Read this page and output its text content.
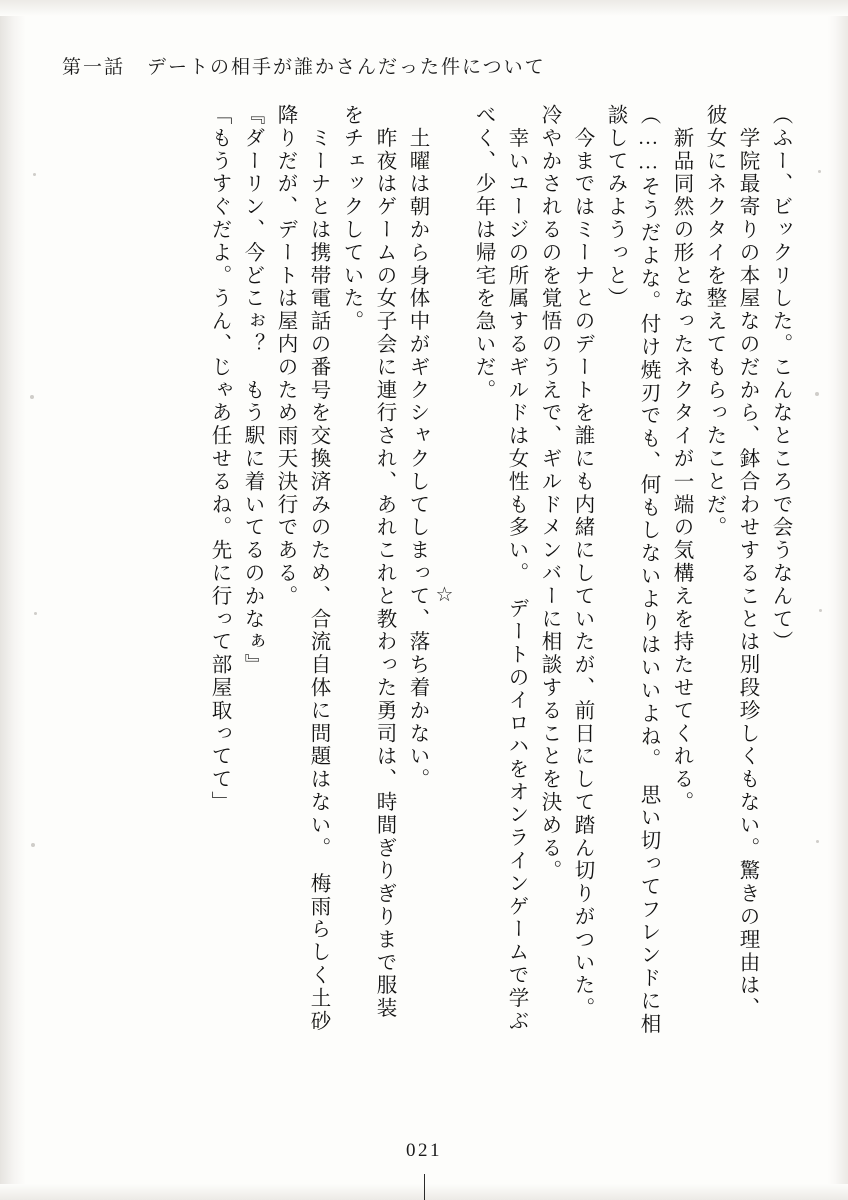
第一話 デートの相手が誰かさんだった件について
（ふー、ビックリした。こんなところで会うなんて）
　学院最寄りの本屋なのだから、鉢合わせすることは別段珍しくもない。驚きの理由は、
彼女にネクタイを整えてもらったことだ。
　新品同然の形となったネクタイが一端の気構えを持たせてくれる。
（……そうだよな。付け焼刃でも、何もしないよりはいいよね。　思い切ってフレンドに相
談してみようっと）
　今まではミーナとのデートを誰にも内緒にしていたが、前日にして踏ん切りがついた。
冷やかされるのを覚悟のうえで、ギルドメンバーに相談することを決める。
　幸いユージの所属するギルドは女性も多い。　デートのイロハをオンラインゲームで学ぶ
べく、少年は帰宅を急いだ。
☆
　土曜は朝から身体中がギクシャクしてしまって、落ち着かない。
　昨夜はゲームの女子会に連行され、あれこれと教わった勇司は、時間ぎりぎりまで服装
をチェックしていた。
　ミーナとは携帯電話の番号を交換済みのため、合流自体に問題はない。　梅雨らしく土砂
降りだが、デートは屋内のため雨天決行である。
『ダーリン、今どこぉ？　もう駅に着いてるのかなぁ』
「もうすぐだよ。うん、じゃあ任せるね。先に行って部屋取ってて」
021
